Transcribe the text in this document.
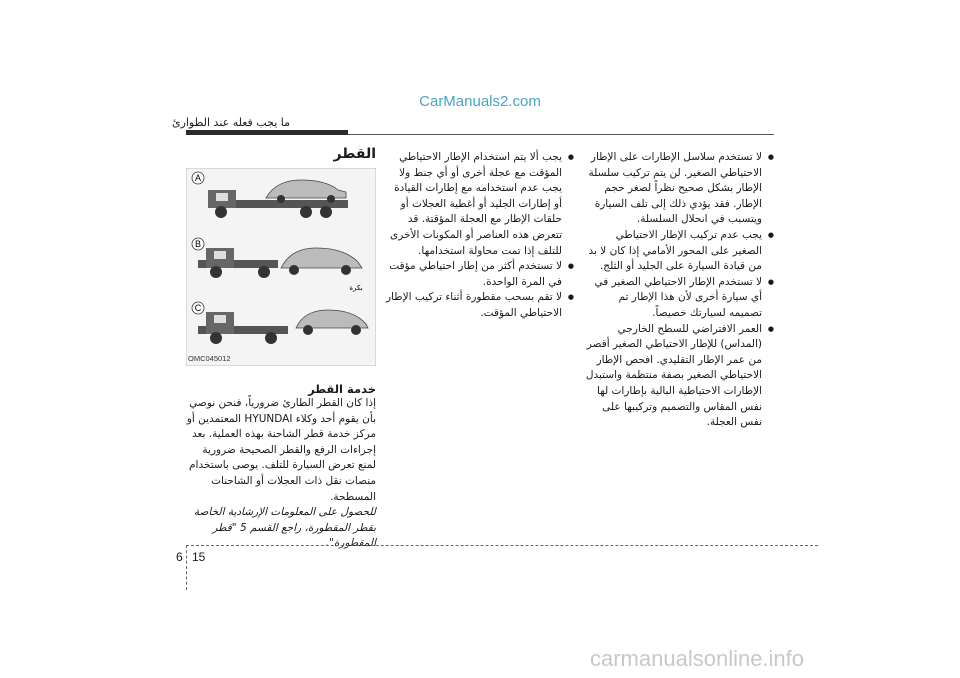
CarManuals2.com
ما يجب فعله عند الطوارئ
● لا تستخدم سلاسل الإطارات على الإطار الاحتياطي الصغير. لن يتم تركيب سلسلة الإطار بشكل صحيح نظراً لصغر حجم الإطار. فقد يؤدي ذلك إلى تلف السيارة ويتسبب في انحلال السلسلة.
● يجب عدم تركيب الإطار الاحتياطي الصغير على المحور الأمامي إذا كان لا بد من قيادة السيارة على الجليد أو الثلج.
● لا تستخدم الإطار الاحتياطي الصغير في أي سيارة أخرى لأن هذا الإطار تم تصميمه لسيارتك خصيصاً.
● العمر الافتراضي للسطح الخارجي (المداس) للإطار الاحتياطي الصغير أقصر من عمر الإطار التقليدي. افحص الإطار الاحتياطي الصغير بصفة منتظمة واستبدل الإطارات الاحتياطية البالية بإطارات لها نفس المقاس والتصميم وتركيبها على نفس العجلة.
● يجب ألا يتم استخدام الإطار الاحتياطي المؤقت مع عجلة أخرى أو أي جنط ولا يجب عدم استخدامه مع إطارات القيادة أو إطارات الجليد أو أغطية العجلات أو حلقات الإطار مع العجلة المؤقتة. قد تتعرض هذه العناصر أو المكونات الأخرى للتلف إذا تمت محاولة استخدامها.
● لا تستخدم أكثر من إطار احتياطي مؤقت في المرة الواحدة.
● لا تقم بسحب مقطورة أثناء تركيب الإطار الاحتياطي المؤقت.
القطر
A
B
C
بكرة
OMC045012
خدمة القطر

إذا كان القطر الطارئ ضرورياً، فنحن نوصي بأن يقوم أحد وكلاء HYUNDAI المعتمدين أو مركز خدمة قطر الشاحنة بهذه العملية. بعد إجراءات الرفع والقطر الصحيحة ضرورية لمنع تعرض السيارة للتلف. يوصى باستخدام منصات نقل ذات العجلات أو الشاحنات المسطحة.

للحصول على المعلومات الإرشادية الخاصة بقطر المقطورة، راجع القسم 5 "قطر المقطورة".

6 15
carmanualsonline.info
